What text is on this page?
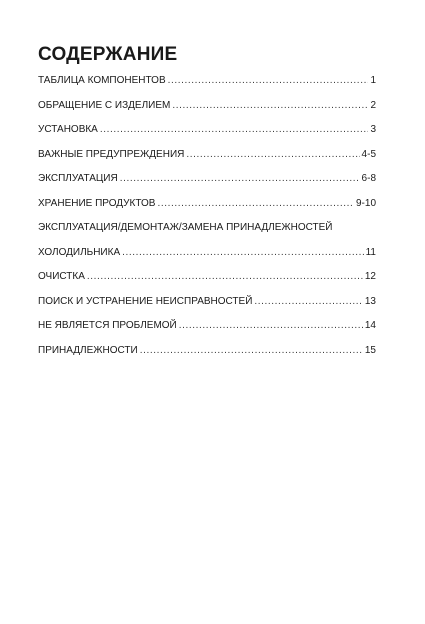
СОДЕРЖАНИЕ
ТАБЛИЦА КОМПОНЕНТОВ .....	1
ОБРАЩЕНИЕ С ИЗДЕЛИЕМ .....	2
УСТАНОВКА .....	3
ВАЖНЫЕ ПРЕДУПРЕЖДЕНИЯ .....	4-5
ЭКСПЛУАТАЦИЯ .....	6-8
ХРАНЕНИЕ ПРОДУКТОВ .....	9-10
ЭКСПЛУАТАЦИЯ/ДЕМОНТАЖ/ЗАМЕНА ПРИНАДЛЕЖНОСТЕЙ
ХОЛОДИЛЬНИКА .....	11
ОЧИСТКА .....	12
ПОИСК И УСТРАНЕНИЕ НЕИСПРАВНОСТЕЙ .....	13
НЕ ЯВЛЯЕТСЯ ПРОБЛЕМОЙ .....	14
ПРИНАДЛЕЖНОСТИ .....	15
